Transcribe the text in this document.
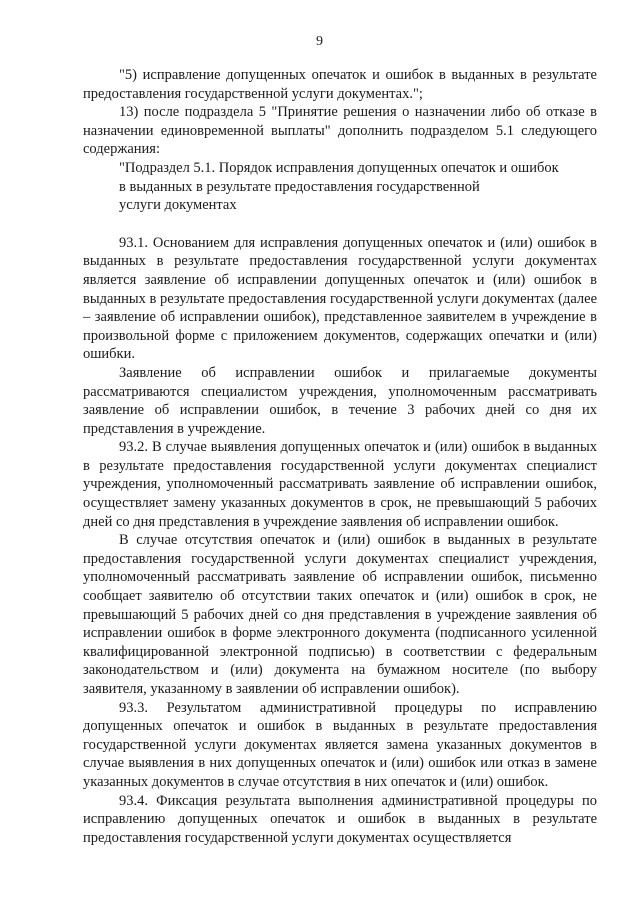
9

"5) исправление допущенных опечаток и ошибок в выданных в результате предоставления государственной услуги документах.";

13) после подраздела 5 "Принятие решения о назначении либо об отказе в назначении единовременной выплаты" дополнить подразделом 5.1 следующего содержания:

"Подраздел 5.1. Порядок исправления допущенных опечаток и ошибок
в выданных в результате предоставления государственной
услуги документах

93.1. Основанием для исправления допущенных опечаток и (или) ошибок в выданных в результате предоставления государственной услуги документах является заявление об исправлении допущенных опечаток и (или) ошибок в выданных в результате предоставления государственной услуги документах (далее – заявление об исправлении ошибок), представленное заявителем в учреждение в произвольной форме с приложением документов, содержащих опечатки и (или) ошибки.

Заявление об исправлении ошибок и прилагаемые документы рассматриваются специалистом учреждения, уполномоченным рассматривать заявление об исправлении ошибок, в течение 3 рабочих дней со дня их представления в учреждение.

93.2. В случае выявления допущенных опечаток и (или) ошибок в выданных в результате предоставления государственной услуги документах специалист учреждения, уполномоченный рассматривать заявление об исправлении ошибок, осуществляет замену указанных документов в срок, не превышающий 5 рабочих дней со дня представления в учреждение заявления об исправлении ошибок.

В случае отсутствия опечаток и (или) ошибок в выданных в результате предоставления государственной услуги документах специалист учреждения, уполномоченный рассматривать заявление об исправлении ошибок, письменно сообщает заявителю об отсутствии таких опечаток и (или) ошибок в срок, не превышающий 5 рабочих дней со дня представления в учреждение заявления об исправлении ошибок в форме электронного документа (подписанного усиленной квалифицированной электронной подписью) в соответствии с федеральным законодательством и (или) документа на бумажном носителе (по выбору заявителя, указанному в заявлении об исправлении ошибок).

93.3. Результатом административной процедуры по исправлению допущенных опечаток и ошибок в выданных в результате предоставления государственной услуги документах является замена указанных документов в случае выявления в них допущенных опечаток и (или) ошибок или отказ в замене указанных документов в случае отсутствия в них опечаток и (или) ошибок.

93.4. Фиксация результата выполнения административной процедуры по исправлению допущенных опечаток и ошибок в выданных в результате предоставления государственной услуги документах осуществляется
